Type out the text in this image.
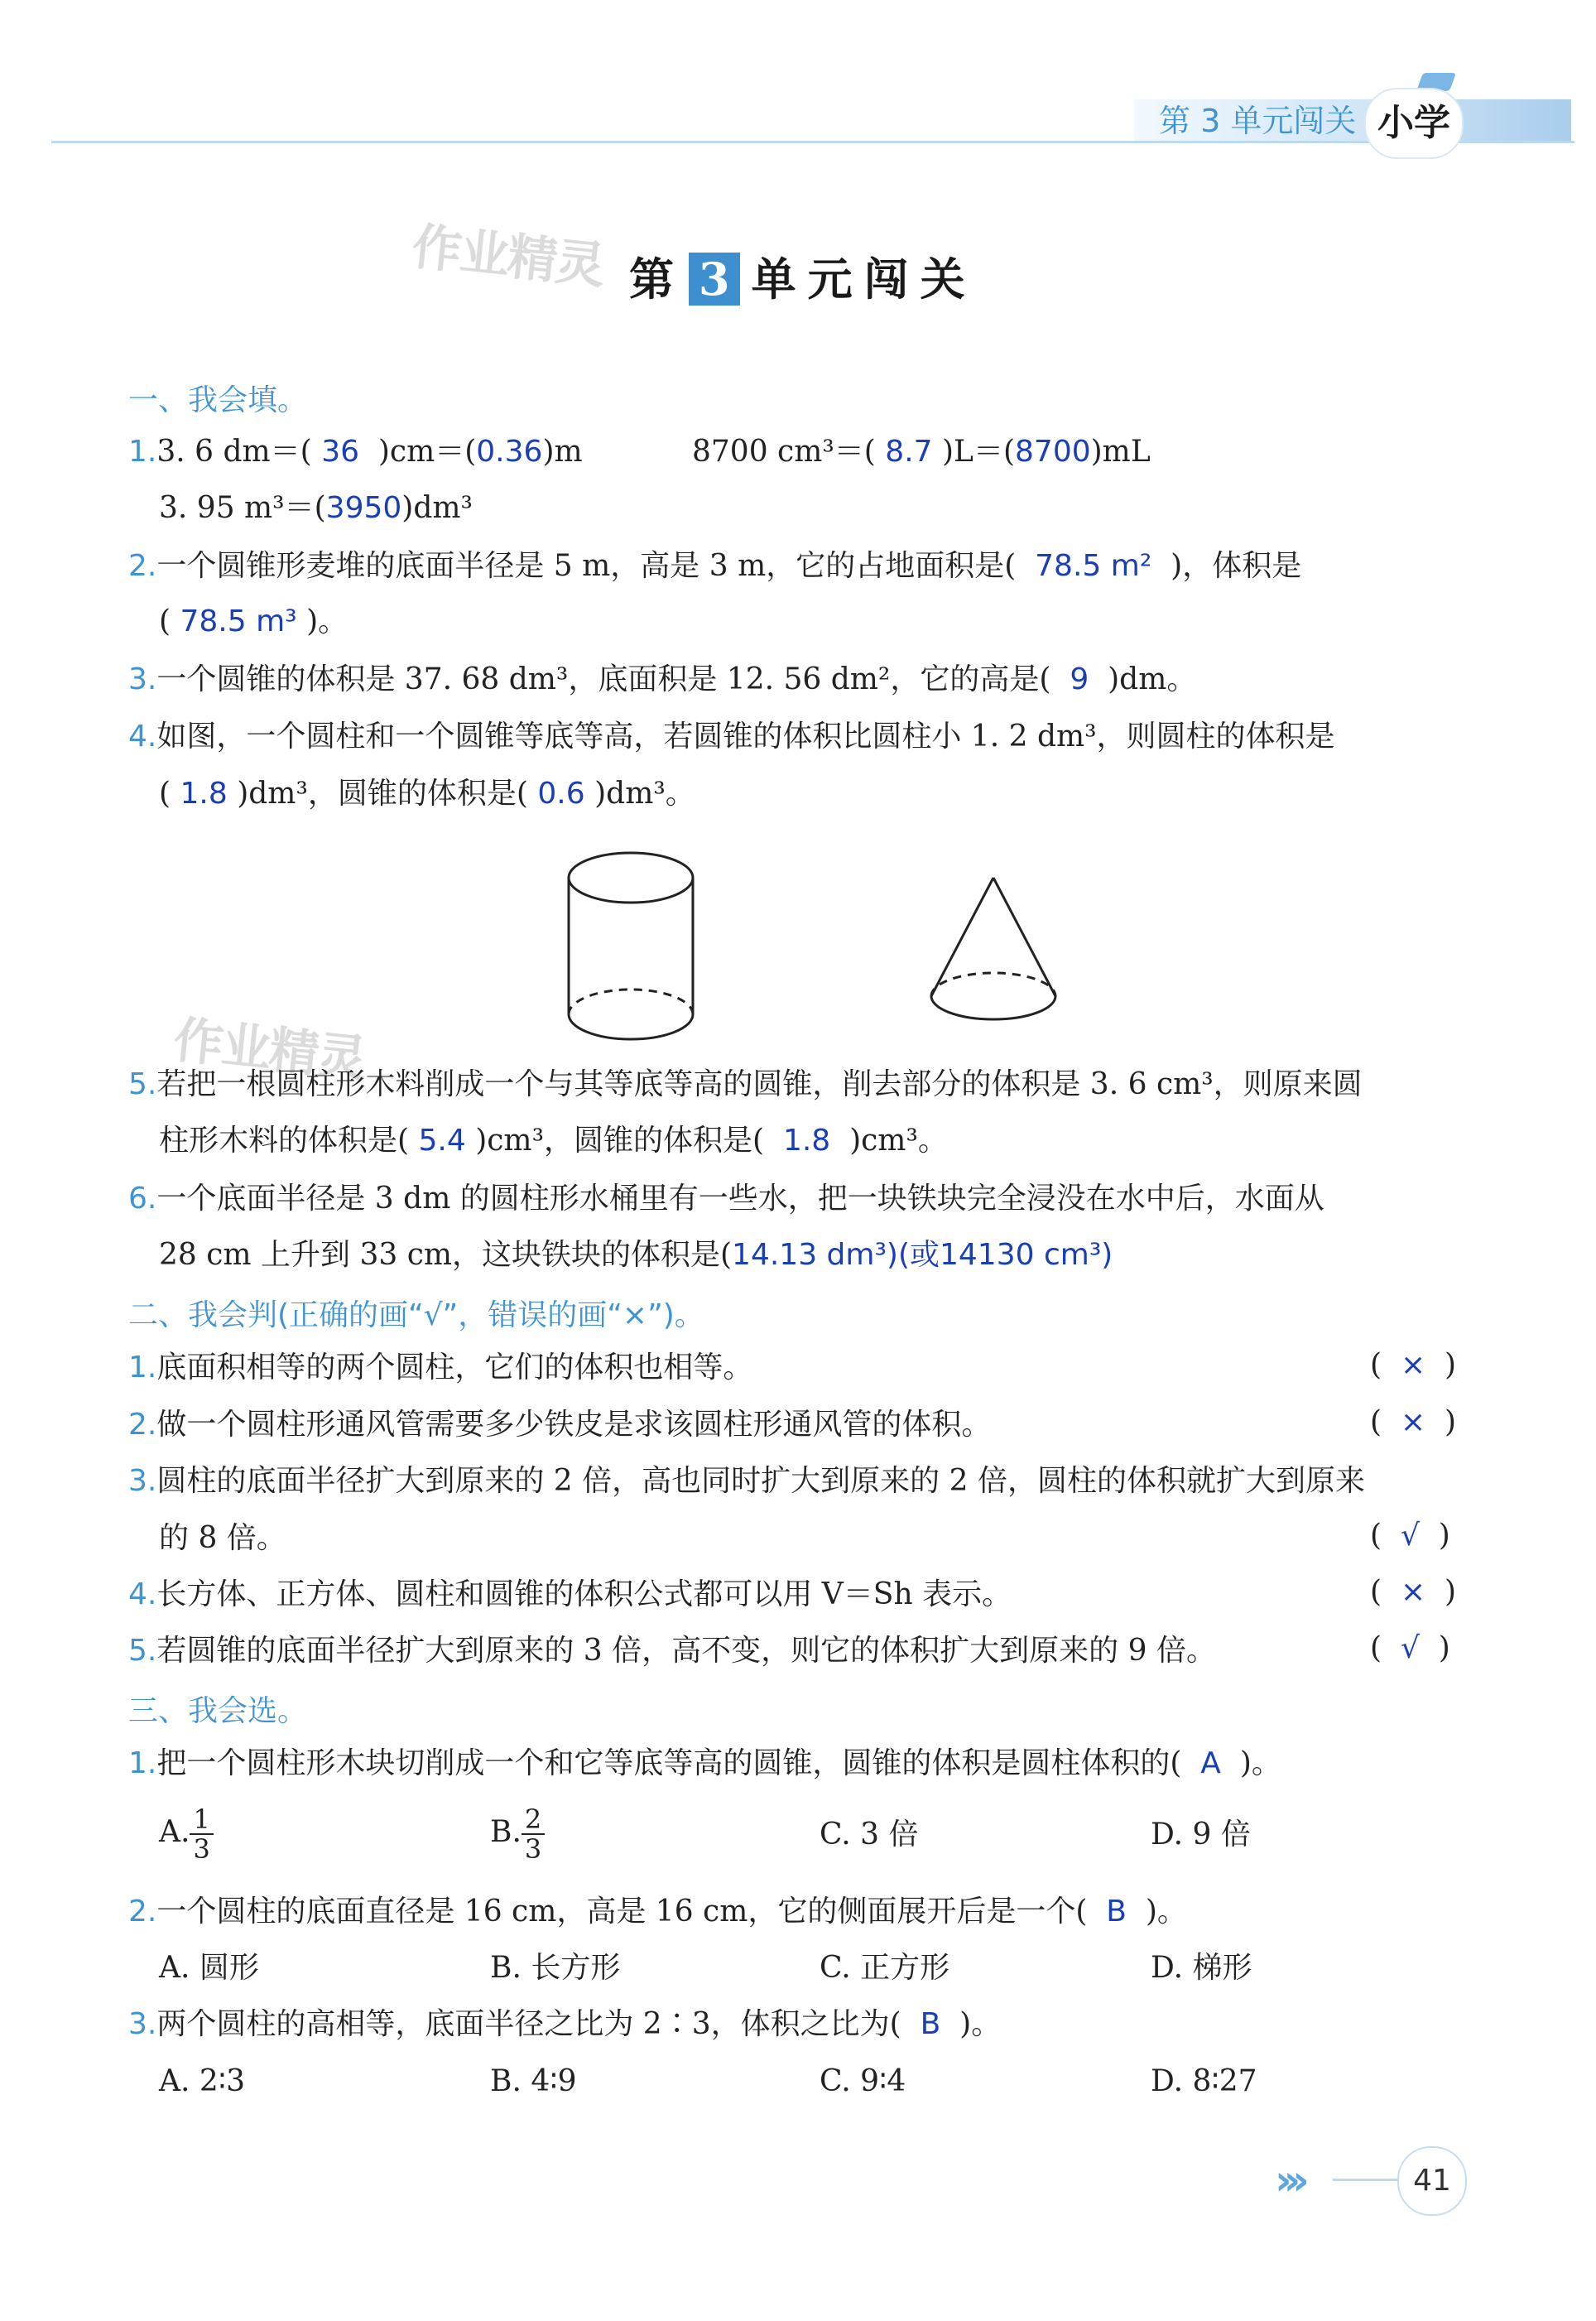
第 3 单元闯关 小学
作业精灵
作业精灵
第 3 单元闯关
一、我会填。
1.3. 6 dm＝( 36 )cm＝(0.36)m	8700 cm³＝( 8.7 )L＝(8700)mL
3. 95 m³＝(3950)dm³
2.一个圆锥形麦堆的底面半径是 5 m，高是 3 m，它的占地面积是( 78.5 m² )，体积是
( 78.5 m³ )。
3.一个圆锥的体积是 37. 68 dm³，底面积是 12. 56 dm²，它的高是( 9 )dm。
4.如图，一个圆柱和一个圆锥等底等高，若圆锥的体积比圆柱小 1. 2 dm³，则圆柱的体积是
( 1.8 )dm³，圆锥的体积是( 0.6 )dm³。
5.若把一根圆柱形木料削成一个与其等底等高的圆锥，削去部分的体积是 3. 6 cm³，则原来圆
柱形木料的体积是( 5.4 )cm³，圆锥的体积是( 1.8 )cm³。
6.一个底面半径是 3 dm 的圆柱形水桶里有一些水，把一块铁块完全浸没在水中后，水面从
28 cm 上升到 33 cm，这块铁块的体积是(14.13 dm³)(或14130 cm³)
二、我会判(正确的画“√”，错误的画“×”)。
1.底面积相等的两个圆柱，它们的体积也相等。	( × )
2.做一个圆柱形通风管需要多少铁皮是求该圆柱形通风管的体积。	( × )
3.圆柱的底面半径扩大到原来的 2 倍，高也同时扩大到原来的 2 倍，圆柱的体积就扩大到原来
的 8 倍。	( √ )
4.长方体、正方体、圆柱和圆锥的体积公式都可以用 V＝Sh 表示。	( × )
5.若圆锥的底面半径扩大到原来的 3 倍，高不变，则它的体积扩大到原来的 9 倍。	( √ )
三、我会选。
1.把一个圆柱形木块切削成一个和它等底等高的圆锥，圆锥的体积是圆柱体积的( A )。
A. $\frac{1}{3}$	B. $\frac{2}{3}$	C. 3 倍	D. 9 倍
2.一个圆柱的底面直径是 16 cm，高是 16 cm，它的侧面展开后是一个( B )。
A. 圆形	B. 长方形	C. 正方形	D. 梯形
3.两个圆柱的高相等，底面半径之比为 2∶3，体积之比为( B )。
A. 2∶3	B. 4∶9	C. 9∶4	D. 8∶27
›››	41
